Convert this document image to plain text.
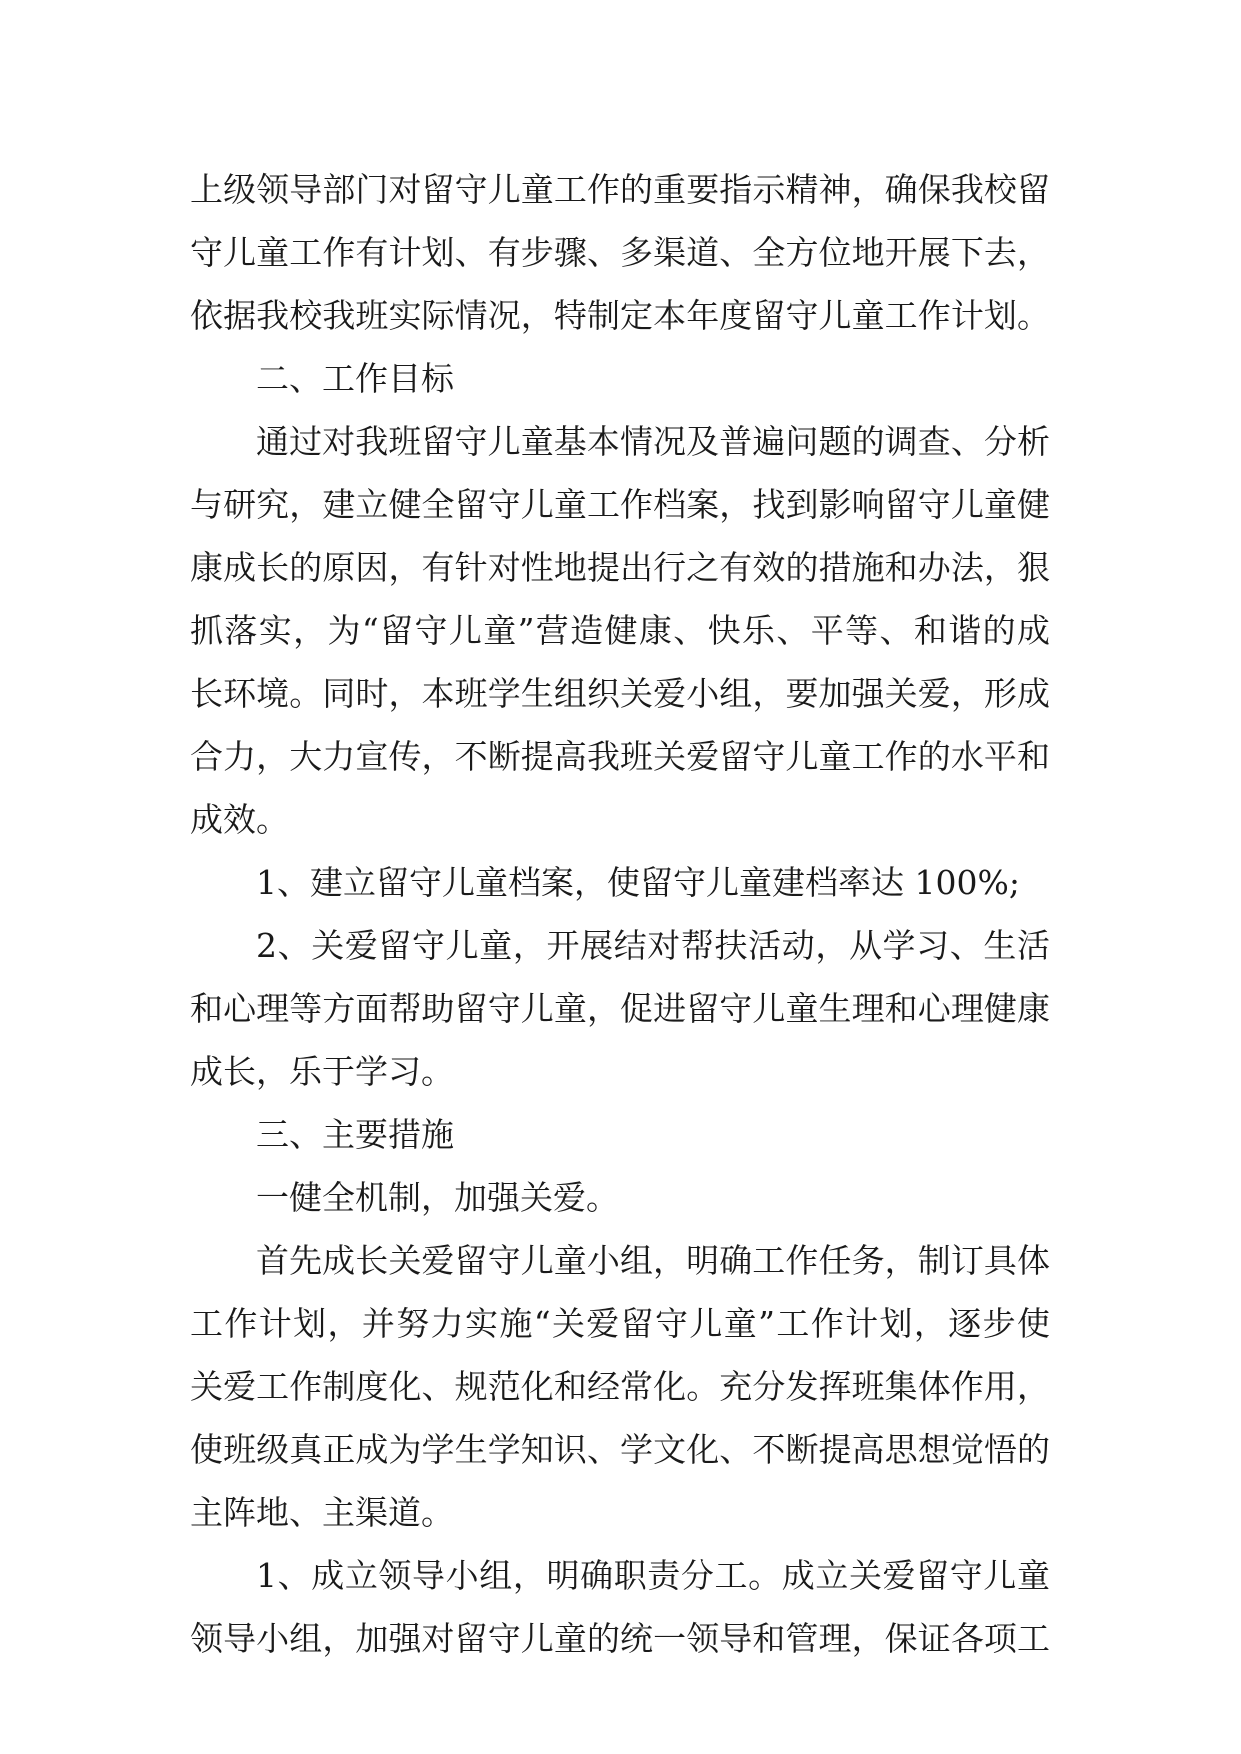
上级领导部门对留守儿童工作的重要指示精神，确保我校留
守儿童工作有计划、有步骤、多渠道、全方位地开展下去，
依据我校我班实际情况，特制定本年度留守儿童工作计划。
二、工作目标
通过对我班留守儿童基本情况及普遍问题的调查、分析
与研究，建立健全留守儿童工作档案，找到影响留守儿童健
康成长的原因，有针对性地提出行之有效的措施和办法，狠
抓落实，为“留守儿童”营造健康、快乐、平等、和谐的成
长环境。同时，本班学生组织关爱小组，要加强关爱，形成
合力，大力宣传，不断提高我班关爱留守儿童工作的水平和
成效。
1、建立留守儿童档案，使留守儿童建档率达 100%;
2、关爱留守儿童，开展结对帮扶活动，从学习、生活
和心理等方面帮助留守儿童，促进留守儿童生理和心理健康
成长，乐于学习。
三、主要措施
一健全机制，加强关爱。
首先成长关爱留守儿童小组，明确工作任务，制订具体
工作计划，并努力实施“关爱留守儿童”工作计划，逐步使
关爱工作制度化、规范化和经常化。充分发挥班集体作用，
使班级真正成为学生学知识、学文化、不断提高思想觉悟的
主阵地、主渠道。
1、成立领导小组，明确职责分工。成立关爱留守儿童
领导小组，加强对留守儿童的统一领导和管理，保证各项工
